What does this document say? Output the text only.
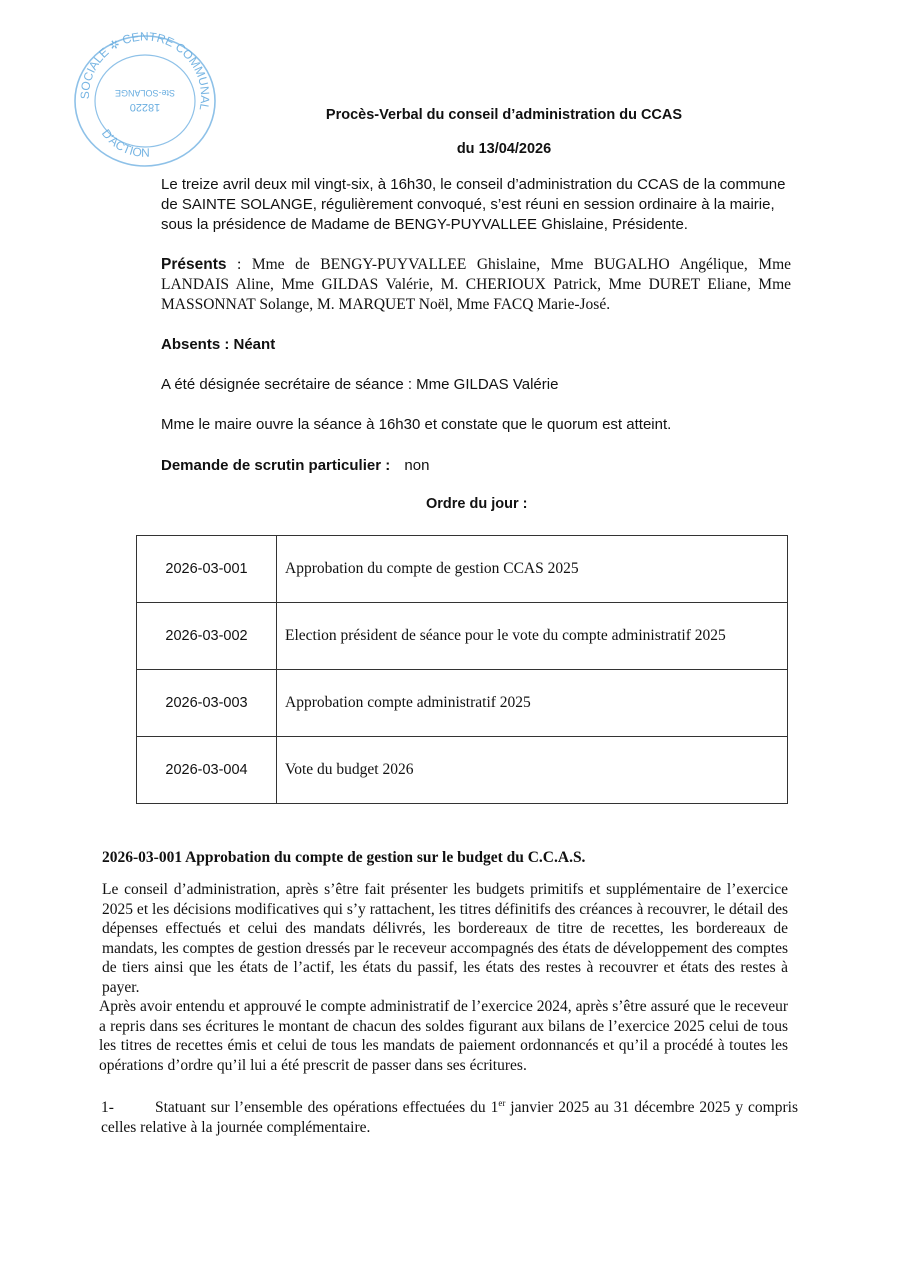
SOCIALE ✲ CENTRE COMMUNAL
D'ACTION
18220
Ste-SOLANGE
Procès-Verbal du conseil d’administration du CCAS
du 13/04/2026
Le treize avril deux mil vingt-six, à 16h30, le conseil d’administration du CCAS de la commune de SAINTE SOLANGE, régulièrement convoqué, s’est réuni en session ordinaire à la mairie, sous la présidence de Madame de BENGY-PUYVALLEE Ghislaine, Présidente.
Présents : Mme de BENGY-PUYVALLEE Ghislaine, Mme BUGALHO Angélique, Mme LANDAIS Aline, Mme GILDAS Valérie, M. CHERIOUX Patrick, Mme DURET Eliane, Mme MASSONNAT Solange, M. MARQUET Noël, Mme FACQ Marie-José.
Absents : Néant
A été désignée secrétaire de séance : Mme GILDAS Valérie
Mme le maire ouvre la séance à 16h30 et constate que le quorum est atteint.
Demande de scrutin particulier : non
Ordre du jour :
2026-03-001	Approbation du compte de gestion CCAS 2025
2026-03-002	Election président de séance pour le vote du compte administratif 2025
2026-03-003	Approbation compte administratif 2025
2026-03-004	Vote du budget 2026
2026-03-001 Approbation du compte de gestion sur le budget du C.C.A.S.
Le conseil d’administration, après s’être fait présenter les budgets primitifs et supplémentaire de l’exercice 2025 et les décisions modificatives qui s’y rattachent, les titres définitifs des créances à recouvrer, le détail des dépenses effectués et celui des mandats délivrés, les bordereaux de titre de recettes, les bordereaux de mandats, les comptes de gestion dressés par le receveur accompagnés des états de développement des comptes de tiers ainsi que les états de l’actif, les états du passif, les états des restes à recouvrer et états des restes à payer.
Après avoir entendu et approuvé le compte administratif de l’exercice 2024, après s’être assuré que le receveur a repris dans ses écritures le montant de chacun des soldes figurant aux bilans de l’exercice 2025 celui de tous les titres de recettes émis et celui de tous les mandats de paiement ordonnancés et qu’il a procédé à toutes les opérations d’ordre qu’il lui a été prescrit de passer dans ses écritures.
1-	Statuant sur l’ensemble des opérations effectuées du 1er janvier 2025 au 31 décembre 2025 y compris celles relative à la journée complémentaire.
